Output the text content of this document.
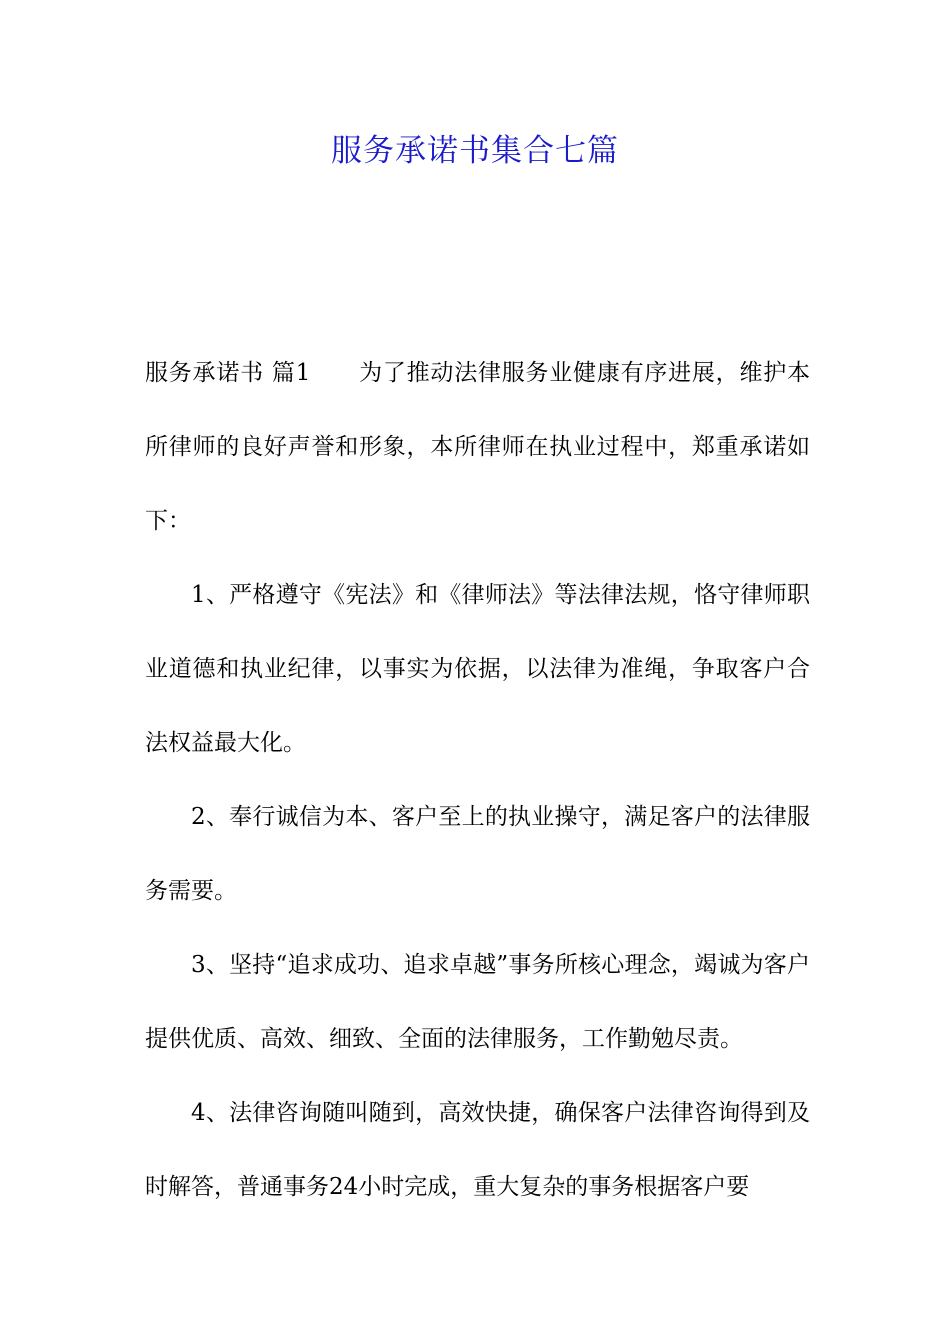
服务承诺书集合七篇

服务承诺书 篇1 为了推动法律服务业健康有序进展，维护本所律师的良好声誉和形象，本所律师在执业过程中，郑重承诺如下：

1、严格遵守《宪法》和《律师法》等法律法规，恪守律师职业道德和执业纪律，以事实为依据，以法律为准绳，争取客户合法权益最大化。

2、奉行诚信为本、客户至上的执业操守，满足客户的法律服务需要。

3、坚持“追求成功、追求卓越”事务所核心理念，竭诚为客户提供优质、高效、细致、全面的法律服务，工作勤勉尽责。

4、法律咨询随叫随到，高效快捷，确保客户法律咨询得到及时解答，普通事务24小时完成，重大复杂的事务根据客户要
